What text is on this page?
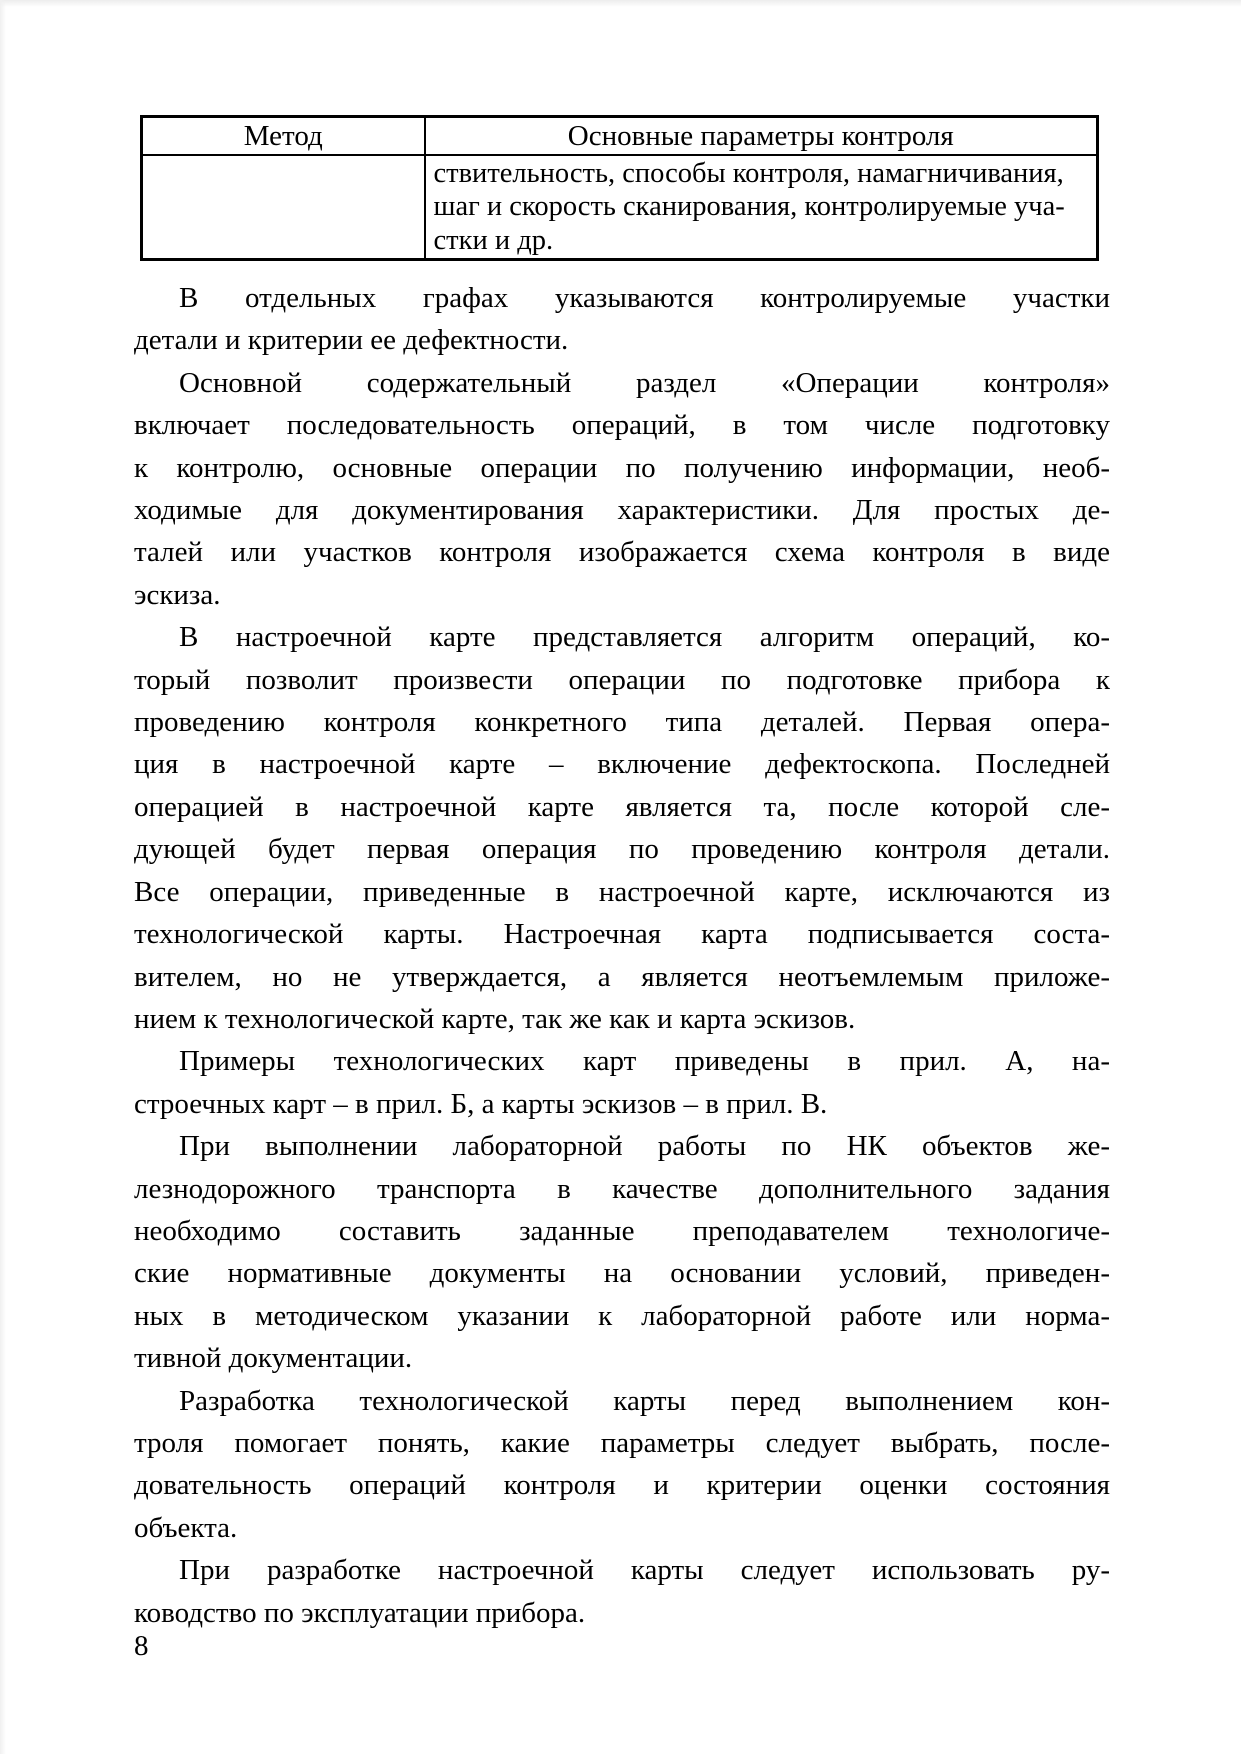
Метод	Основные параметры контроля
	ствительность, способы контроля, намагничивания, шаг и скорость сканирования, контролируемые уча- стки и др.

В отдельных графах указываются контролируемые участки
детали и критерии ее дефектности.

Основной содержательный раздел «Операции контроля»
включает последовательность операций, в том числе подготовку
к контролю, основные операции по получению информации, необ-
ходимые для документирования характеристики. Для простых де-
талей или участков контроля изображается схема контроля в виде
эскиза.

В настроечной карте представляется алгоритм операций, ко-
торый позволит произвести операции по подготовке прибора к
проведению контроля конкретного типа деталей. Первая опера-
ция в настроечной карте – включение дефектоскопа. Последней
операцией в настроечной карте является та, после которой сле-
дующей будет первая операция по проведению контроля детали.
Все операции, приведенные в настроечной карте, исключаются из
технологической карты. Настроечная карта подписывается соста-
вителем, но не утверждается, а является неотъемлемым приложе-
нием к технологической карте, так же как и карта эскизов.

Примеры технологических карт приведены в прил. А, на-
строечных карт – в прил. Б, а карты эскизов – в прил. В.

При выполнении лабораторной работы по НК объектов же-
лезнодорожного транспорта в качестве дополнительного задания
необходимо составить заданные преподавателем технологиче-
ские нормативные документы на основании условий, приведен-
ных в методическом указании к лабораторной работе или норма-
тивной документации.

Разработка технологической карты перед выполнением кон-
троля помогает понять, какие параметры следует выбрать, после-
довательность операций контроля и критерии оценки состояния
объекта.

При разработке настроечной карты следует использовать ру-
ководство по эксплуатации прибора.

8
